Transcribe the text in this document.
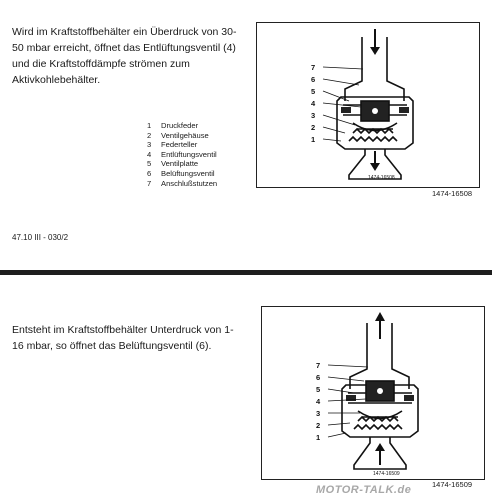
Wird im Kraftstoffbehälter ein Überdruck von 30-
50 mbar erreicht, öffnet das Entlüftungsventil (4)
und die Kraftstoffdämpfe strömen zum
Aktivkohlebehälter.
1	Druckfeder
2	Ventilgehäuse
3	Federteller
4	Entlüftungsventil
5	Ventilplatte
6	Belüftungsventil
7	Anschlußstutzen
47.10 III - 030/2
7
6
5
4
3
2
1
1474-16508
1474-16508
Entsteht im Kraftstoffbehälter Unterdruck von 1-
16 mbar, so öffnet das Belüftungsventil (6).
7
6
5
4
3
2
1
1474-16509
1474-16509
MOTOR-TALK.de
